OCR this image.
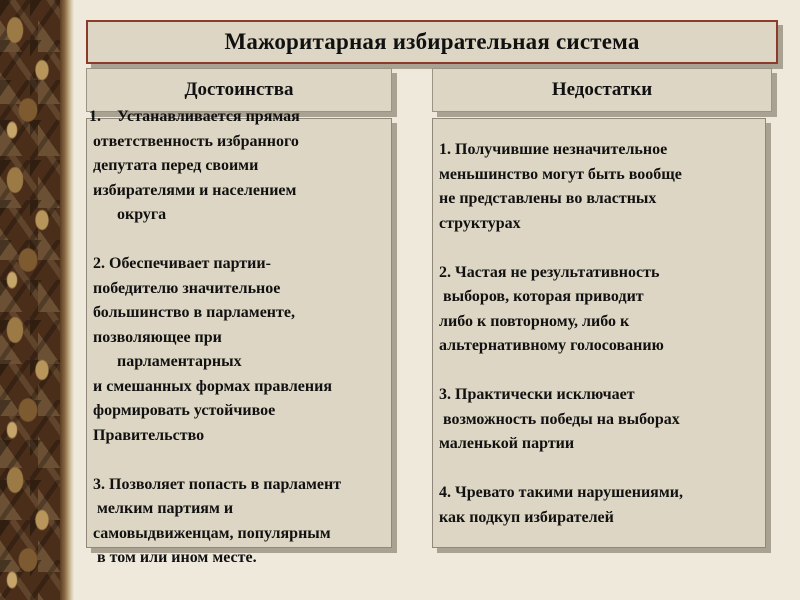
Мажоритарная избирательная система
Достоинства	Недостатки
1.    Устанавливается прямая
ответственность избранного
депутата перед своими
избирателями и населением
округа

2. Обеспечивает партии-
победителю значительное
большинство в парламенте,
позволяющее при
парламентарных
и смешанных формах правления
формировать устойчивое
Правительство

3. Позволяет попасть в парламент
мелким партиям и
самовыдвиженцам, популярным
в том или ином месте.
1. Получившие незначительное
меньшинство могут быть вообще
не представлены во властных
структурах

2. Частая не результативность
выборов, которая приводит
либо к повторному, либо к
альтернативному голосованию

3. Практически исключает
возможность победы на выборах
маленькой партии

4. Чревато такими нарушениями,
как подкуп избирателей
